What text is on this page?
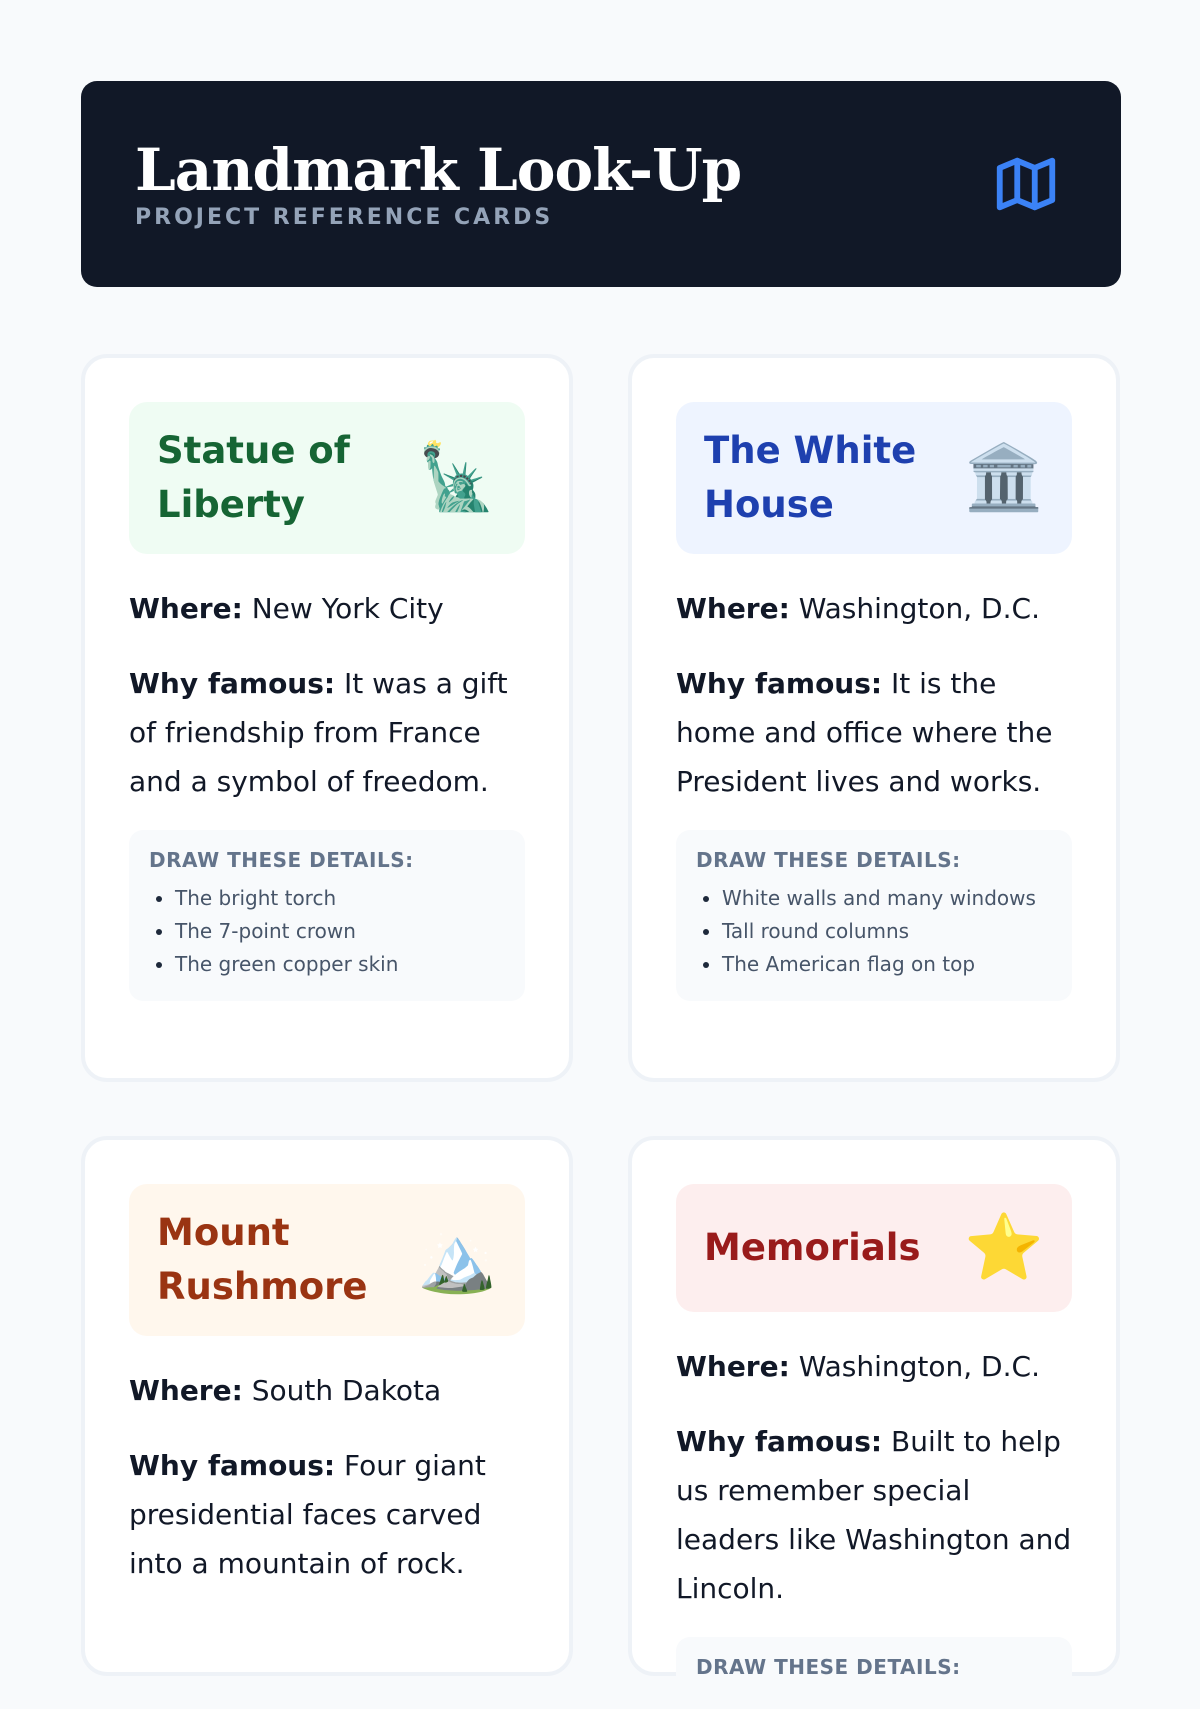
Landmark Look-Up
PROJECT REFERENCE CARDS
Statue of Liberty	🗽
Where: New York City
Why famous: It was a gift of friendship from France and a symbol of freedom.
DRAW THESE DETAILS:
• The bright torch
• The 7-point crown
• The green copper skin
The White House	🏛️
Where: Washington, D.C.
Why famous: It is the home and office where the President lives and works.
DRAW THESE DETAILS:
• White walls and many windows
• Tall round columns
• The American flag on top
Mount Rushmore 🏔️
Where: South Dakota
Why famous: Four giant presidential faces carved into a mountain of rock.
Memorials ⭐
Where: Washington, D.C.
Why famous: Built to help us remember special leaders like Washington and Lincoln.
DRAW THESE DETAILS:
